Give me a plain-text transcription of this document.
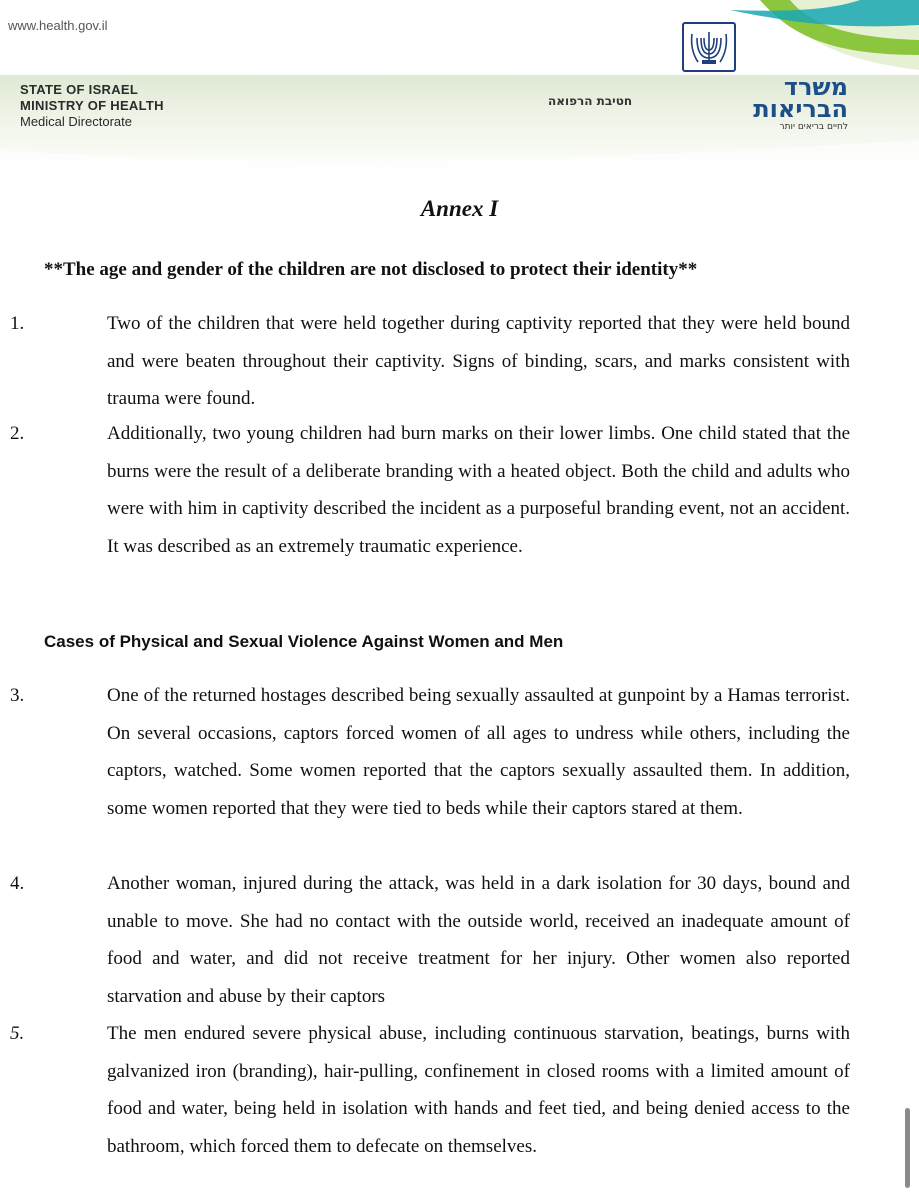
www.health.gov.il
STATE OF ISRAEL
MINISTRY OF HEALTH
Medical Directorate
חטיבת הרפואה	משרד
הבריאות
לחיים בריאים יותר
Annex I
**The age and gender of the children are not disclosed to protect their identity**
1.	Two of the children that were held together during captivity reported that they were held bound and were beaten throughout their captivity. Signs of binding, scars, and marks consistent with trauma were found.
2.	Additionally, two young children had burn marks on their lower limbs. One child stated that the burns were the result of a deliberate branding with a heated object. Both the child and adults who were with him in captivity described the incident as a purposeful branding event, not an accident. It was described as an extremely traumatic experience.
Cases of Physical and Sexual Violence Against Women and Men
3.	One of the returned hostages described being sexually assaulted at gunpoint by a Hamas terrorist. On several occasions, captors forced women of all ages to undress while others, including the captors, watched. Some women reported that the captors sexually assaulted them. In addition, some women reported that they were tied to beds while their captors stared at them.
4.	Another woman, injured during the attack, was held in a dark isolation for 30 days, bound and unable to move. She had no contact with the outside world, received an inadequate amount of food and water, and did not receive treatment for her injury. Other women also reported starvation and abuse by their captors
5.	The men endured severe physical abuse, including continuous starvation, beatings, burns with galvanized iron (branding), hair-pulling, confinement in closed rooms with a limited amount of food and water, being held in isolation with hands and feet tied, and being denied access to the bathroom, which forced them to defecate on themselves.
